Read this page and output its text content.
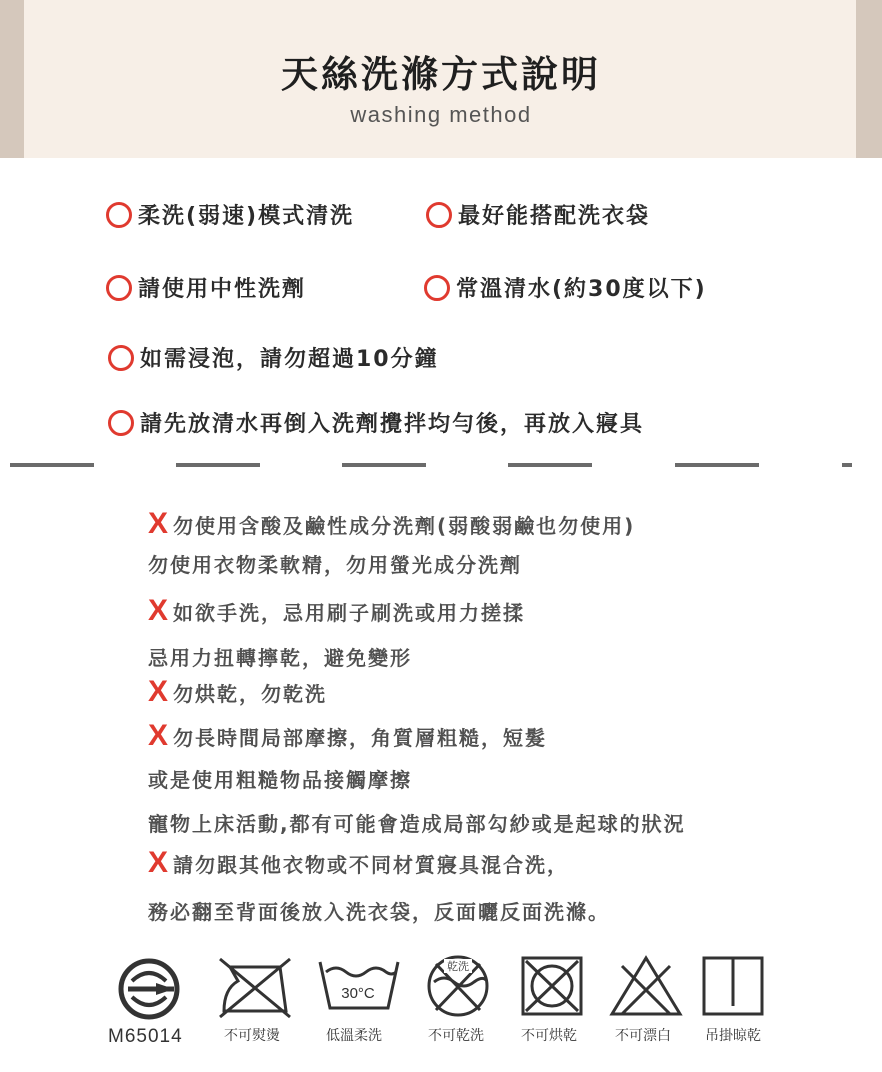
天絲洗滌方式說明
washing method
柔洗(弱速)模式清洗	最好能搭配洗衣袋
請使用中性洗劑	常溫清水(約30度以下)
如需浸泡，請勿超過10分鐘
請先放清水再倒入洗劑攪拌均勻後，再放入寢具
X 勿使用含酸及鹼性成分洗劑(弱酸弱鹼也勿使用)
勿使用衣物柔軟精，勿用螢光成分洗劑
X 如欲手洗，忌用刷子刷洗或用力搓揉
忌用力扭轉擰乾，避免變形
X 勿烘乾，勿乾洗
X 勿長時間局部摩擦，角質層粗糙，短髮
或是使用粗糙物品接觸摩擦
寵物上床活動,都有可能會造成局部勾紗或是起球的狀況
X 請勿跟其他衣物或不同材質寢具混合洗，
務必翻至背面後放入洗衣袋，反面曬反面洗滌。
M65014	不可熨燙
30°C
低溫柔洗
乾洗
不可乾洗	不可烘乾	不可漂白 吊掛晾乾
